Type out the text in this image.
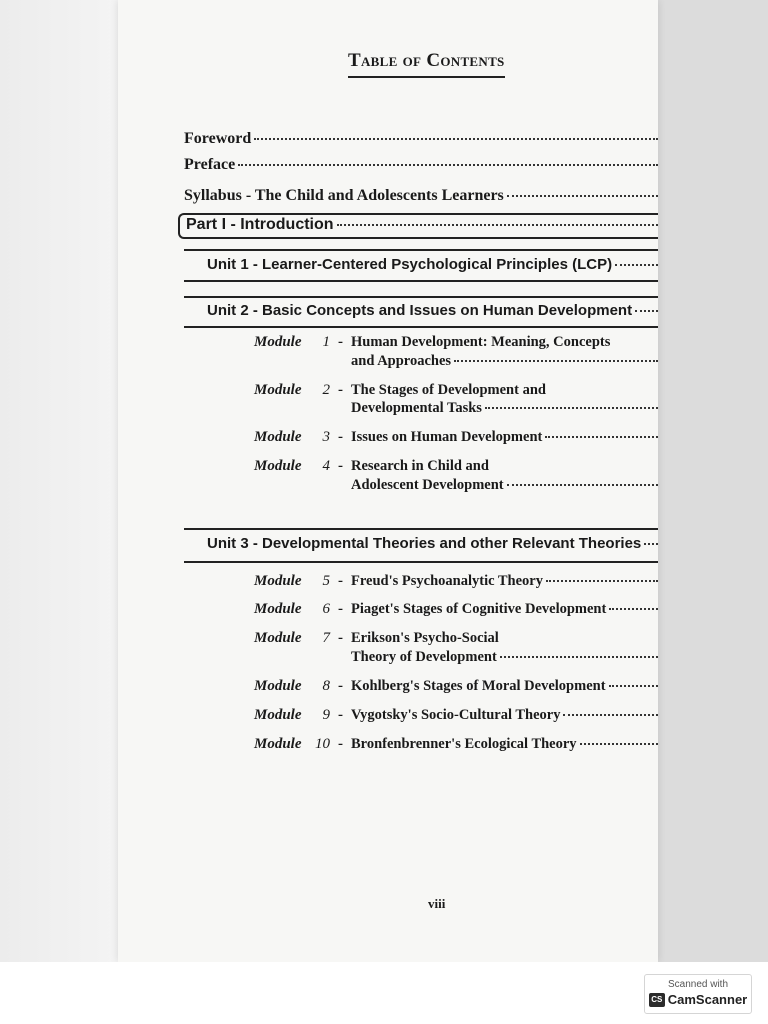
Table of Contents
Foreword
Preface
Syllabus - The Child and Adolescents Learners
Part I - Introduction
Unit 1 - Learner-Centered Psychological Principles (LCP)
Unit 2 - Basic Concepts and Issues on Human Development
Module	1 - Human Development: Meaning, Concepts
and Approaches
Module	2 - The Stages of Development and
Developmental Tasks
Module	3 - Issues on Human Development
Module	4 - Research in Child and
Adolescent Development
Unit 3 - Developmental Theories and other Relevant Theories
Module	5 - Freud's Psychoanalytic Theory
Module	6 - Piaget's Stages of Cognitive Development
Module	7 - Erikson's Psycho-Social
Theory of Development
Module	8 - Kohlberg's Stages of Moral Development
Module	9 - Vygotsky's Socio-Cultural Theory
Module 10 - Bronfenbrenner's Ecological Theory
viii
Scanned with
CS CamScanner
